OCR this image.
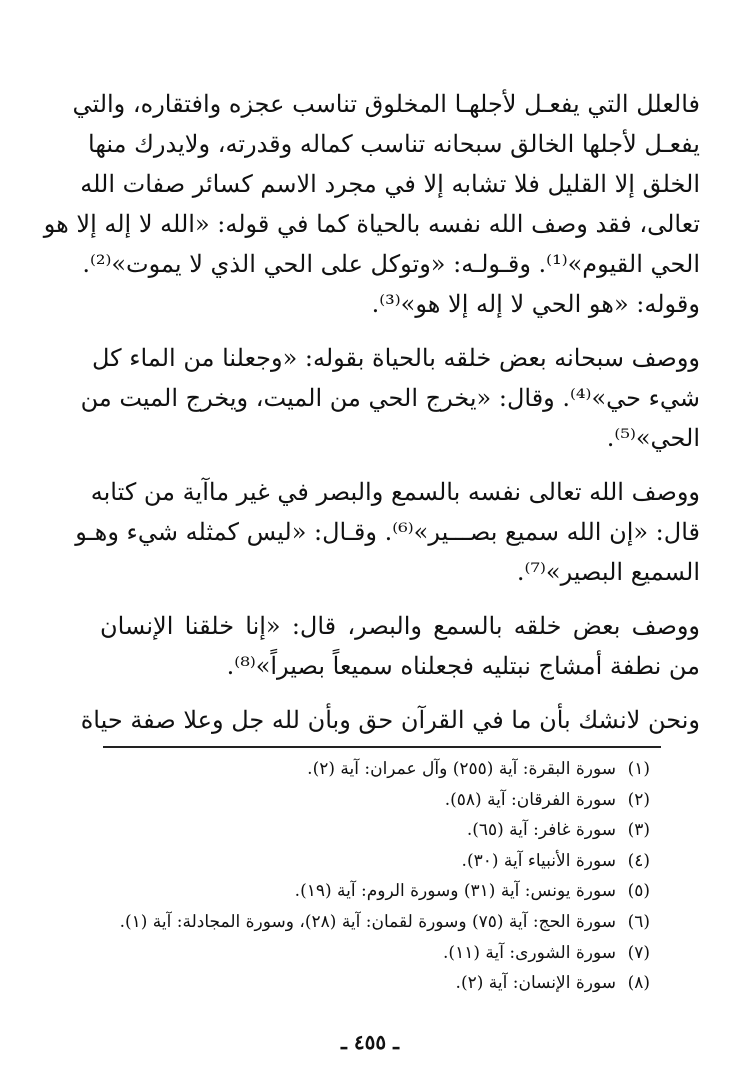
فالعلل التي يفعـل لأجلهـا المخلوق تناسب عجزه وافتقاره، والتي
يفعـل لأجلها الخالق سبحانه تناسب كماله وقدرته، ولايدرك منها
الخلق إلا القليل فلا تشابه إلا في مجرد الاسم كسائر صفات الله
تعالى، فقد وصف الله نفسه بالحياة كما في قوله: «الله لا إله إلا هو
الحي القيوم»⁽¹⁾. وقـولـه: «وتوكل على الحي الذي لا يموت»⁽²⁾.
وقوله: «هو الحي لا إله إلا هو»⁽³⁾.
ووصف سبحانه بعض خلقه بالحياة بقوله: «وجعلنا من الماء كل
شيء حي»⁽⁴⁾. وقال: «يخرج الحي من الميت، ويخرج الميت من
الحي»⁽⁵⁾.
ووصف الله تعالى نفسه بالسمع والبصر في غير ماآية من كتابه
قال: «إن الله سميع بصـــير»⁽⁶⁾. وقـال: «ليس كمثله شيء وهـو
السميع البصير»⁽⁷⁾.
ووصف بعض خلقه بالسمع والبصر، قال: «إنا خلقنا الإنسان
من نطفة أمشاج نبتليه فجعلناه سميعاً بصيراً»⁽⁸⁾.
ونحن لانشك بأن ما في القرآن حق وبأن لله جل وعلا صفة حياة
(١)
سورة البقرة: آية (٢٥٥) وآل عمران: آية (٢).
(٢)
سورة الفرقان: آية (٥٨).
(٣)
سورة غافر: آية (٦٥).
(٤)
سورة الأنبياء آية (٣٠).
(٥)
سورة يونس: آية (٣١) وسورة الروم: آية (١٩).
(٦)
سورة الحج: آية (٧٥) وسورة لقمان: آية (٢٨)، وسورة المجادلة: آية (١).
(٧)
سورة الشورى: آية (١١).
(٨)
سورة الإنسان: آية (٢).
ـ ٤٥٥ ـ
